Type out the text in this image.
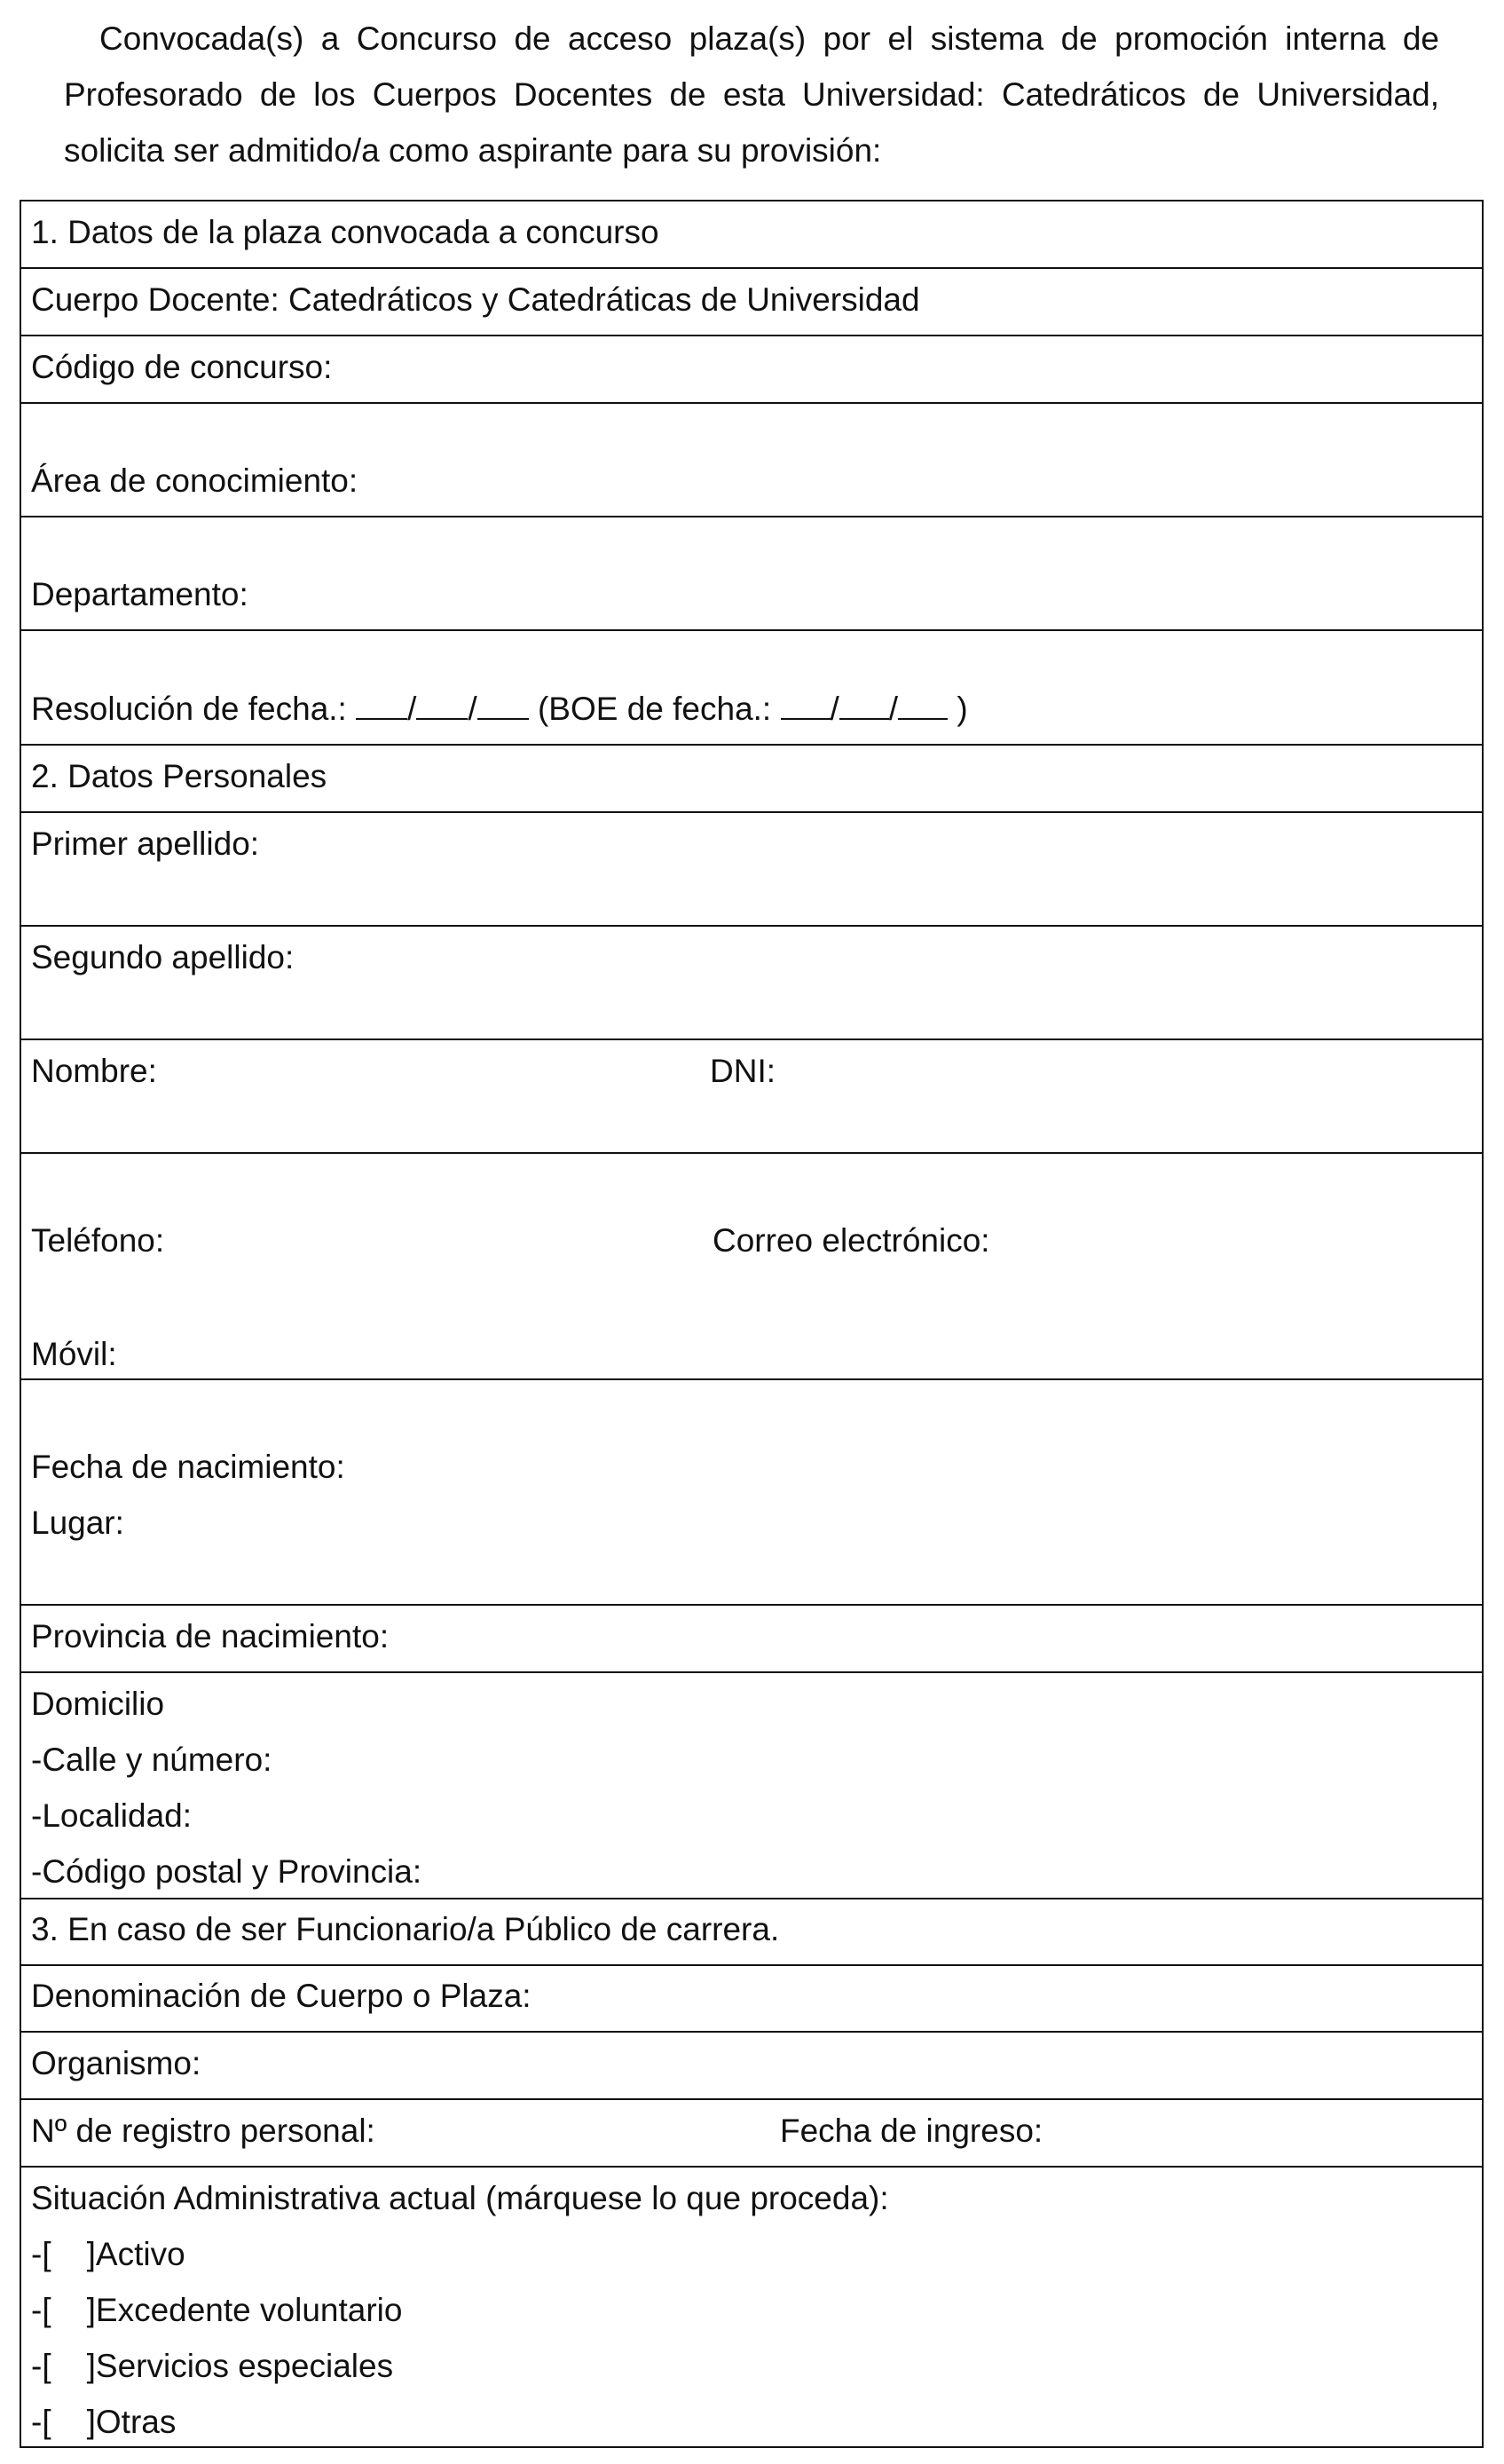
Convocada(s) a Concurso de acceso plaza(s) por el sistema de promoción interna de Profesorado de los Cuerpos Docentes de esta Universidad: Catedráticos de Universidad, solicita ser admitido/a como aspirante para su provisión:

1. Datos de la plaza convocada a concurso

Cuerpo Docente: Catedráticos y Catedráticas de Universidad

Código de concurso:

Área de conocimiento:

Departamento:

Resolución de fecha.: / / (BOE de fecha.: / / )

2. Datos Personales

Primer apellido:

Segundo apellido:

Nombre:	DNI:

Teléfono:	Correo electrónico:

Móvil:

Fecha de nacimiento:

Lugar:

Provincia de nacimiento:

Domicilio

-Calle y número:

-Localidad:

-Código postal y Provincia:

3. En caso de ser Funcionario/a Público de carrera.

Denominación de Cuerpo o Plaza:

Organismo:

Nº de registro personal:	Fecha de ingreso:

Situación Administrativa actual (márquese lo que proceda):

-[ ]Activo

-[ ]Excedente voluntario

-[ ]Servicios especiales

-[ ]Otras
